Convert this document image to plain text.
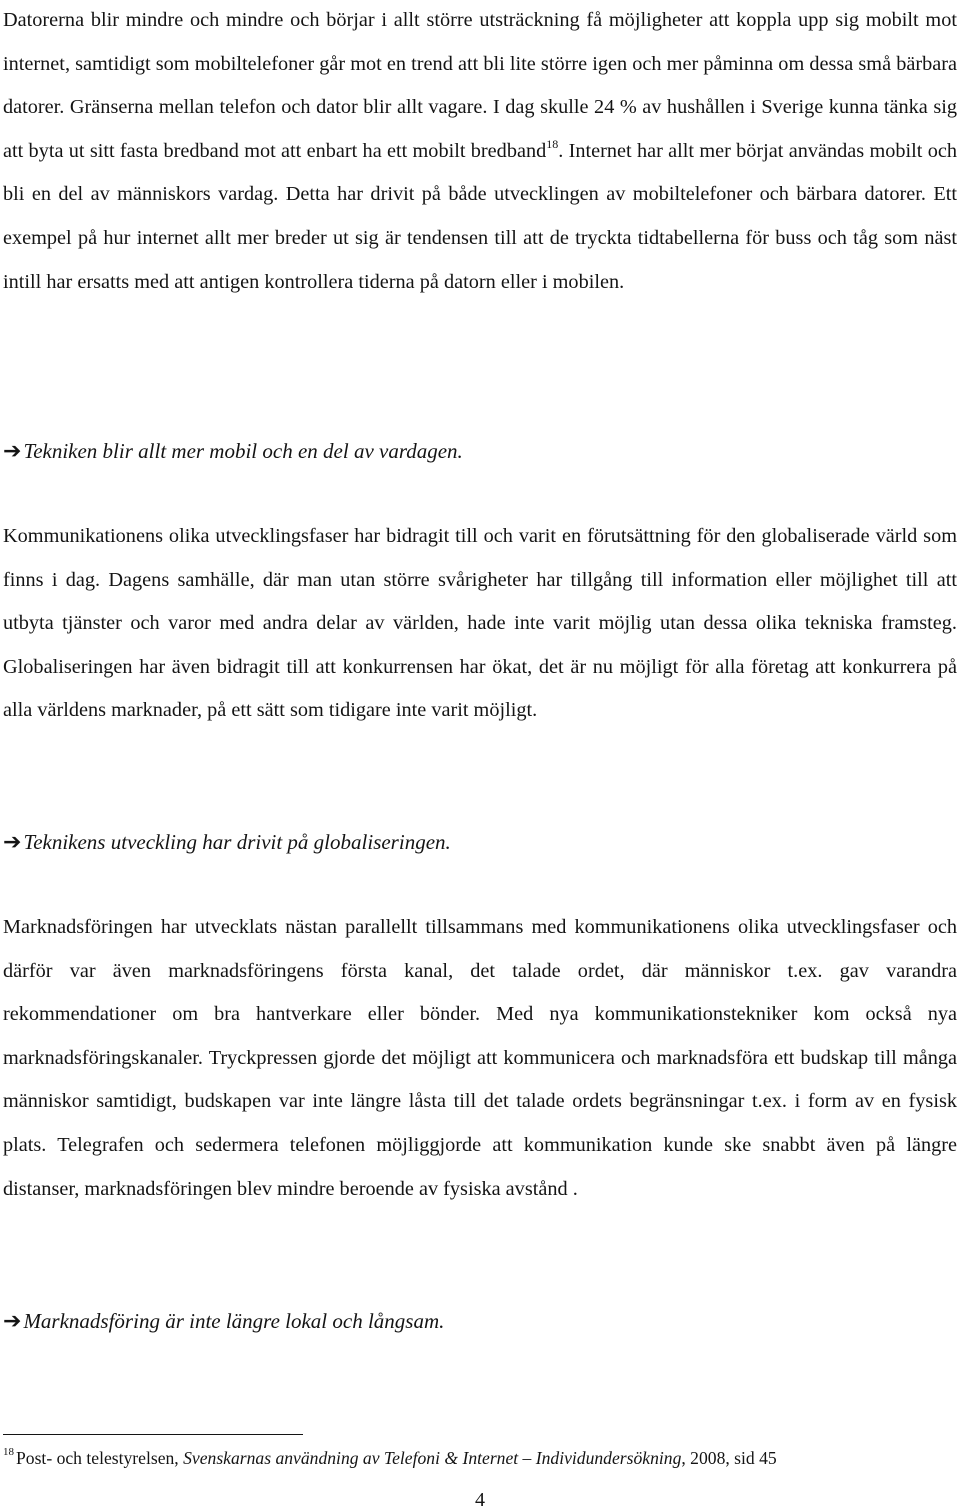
Datorerna blir mindre och mindre och börjar i allt större utsträckning få möjligheter att koppla upp sig mobilt mot internet, samtidigt som mobiltelefoner går mot en trend att bli lite större igen och mer påminna om dessa små bärbara datorer. Gränserna mellan telefon och dator blir allt vagare. I dag skulle 24 % av hushållen i Sverige kunna tänka sig att byta ut sitt fasta bredband mot att enbart ha ett mobilt bredband$^{18}$. Internet har allt mer börjat användas mobilt och bli en del av människors vardag. Detta har drivit på både utvecklingen av mobiltelefoner och bärbara datorer. Ett exempel på hur internet allt mer breder ut sig är tendensen till att de tryckta tidtabellerna för buss och tåg som näst intill har ersatts med att antigen kontrollera tiderna på datorn eller i mobilen.

➔Tekniken blir allt mer mobil och en del av vardagen.

Kommunikationens olika utvecklingsfaser har bidragit till och varit en förutsättning för den globaliserade värld som finns i dag. Dagens samhälle, där man utan större svårigheter har tillgång till information eller möjlighet till att utbyta tjänster och varor med andra delar av världen, hade inte varit möjlig utan dessa olika tekniska framsteg. Globaliseringen har även bidragit till att konkurrensen har ökat, det är nu möjligt för alla företag att konkurrera på alla världens marknader, på ett sätt som tidigare inte varit möjligt.

➔Teknikens utveckling har drivit på globaliseringen.

Marknadsföringen har utvecklats nästan parallellt tillsammans med kommunikationens olika utvecklingsfaser och därför var även marknadsföringens första kanal, det talade ordet, där människor t.ex. gav varandra rekommendationer om bra hantverkare eller bönder. Med nya kommunikationstekniker kom också nya marknadsföringskanaler. Tryckpressen gjorde det möjligt att kommunicera och marknadsföra ett budskap till många människor samtidigt, budskapen var inte längre låsta till det talade ordets begränsningar t.ex. i form av en fysisk plats. Telegrafen och sedermera telefonen möjliggjorde att kommunikation kunde ske snabbt även på längre distanser, marknadsföringen blev mindre beroende av fysiska avstånd .

➔Marknadsföring är inte längre lokal och långsam.

$^{18}$ Post- och telestyrelsen, Svenskarnas användning av Telefoni & Internet – Individundersökning, 2008, sid 45

4
